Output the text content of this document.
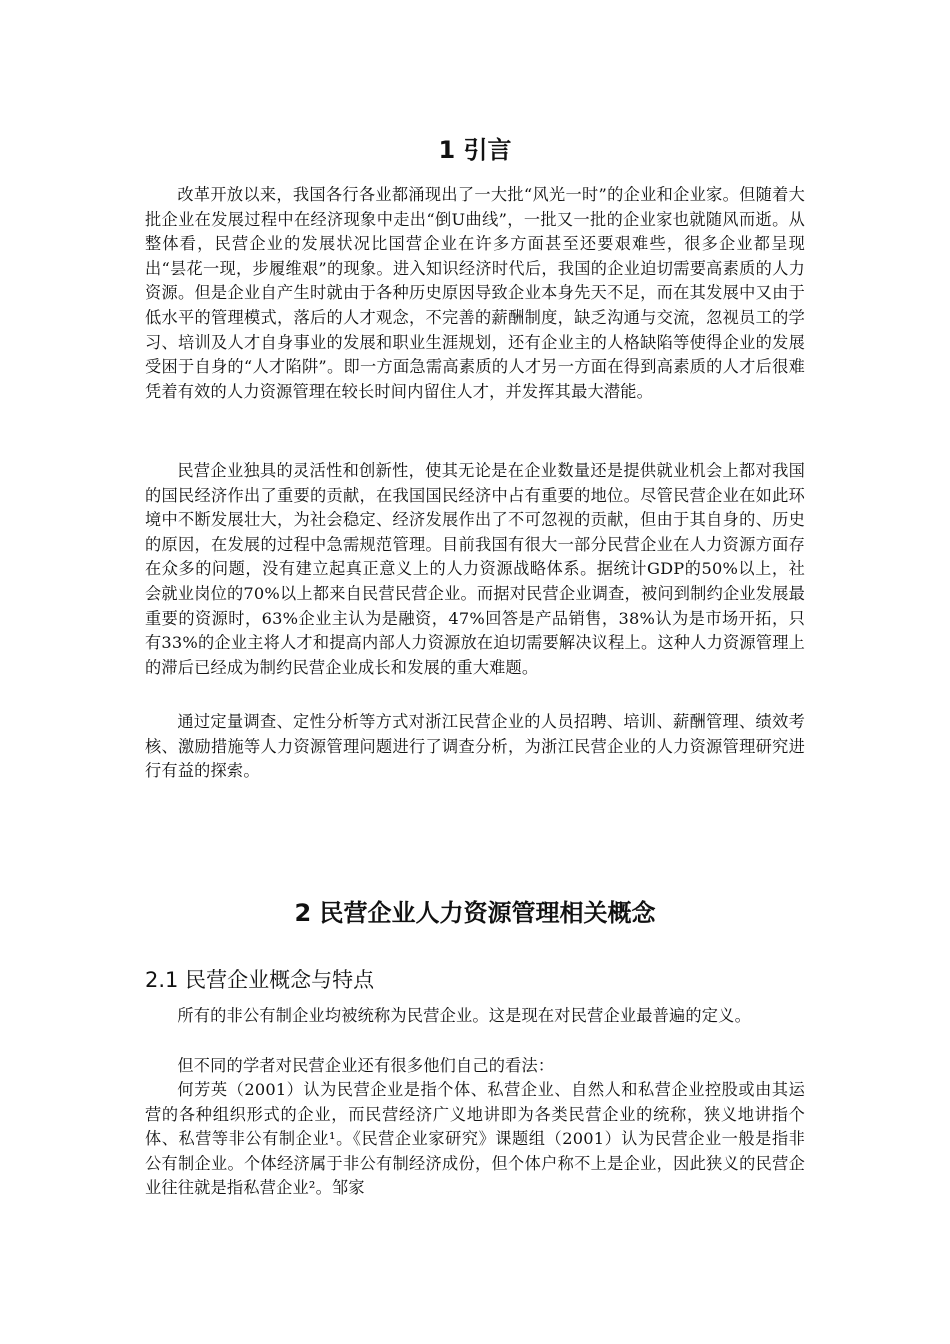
1 引言

改革开放以来，我国各行各业都涌现出了一大批“风光一时”的企业和企业家。但随着大批企业在发展过程中在经济现象中走出“倒U曲线”，一批又一批的企业家也就随风而逝。从整体看，民营企业的发展状况比国营企业在许多方面甚至还要艰难些，很多企业都呈现出“昙花一现，步履维艰”的现象。进入知识经济时代后，我国的企业迫切需要高素质的人力资源。但是企业自产生时就由于各种历史原因导致企业本身先天不足，而在其发展中又由于低水平的管理模式，落后的人才观念，不完善的薪酬制度，缺乏沟通与交流，忽视员工的学习、培训及人才自身事业的发展和职业生涯规划，还有企业主的人格缺陷等使得企业的发展受困于自身的“人才陷阱”。即一方面急需高素质的人才另一方面在得到高素质的人才后很难凭着有效的人力资源管理在较长时间内留住人才，并发挥其最大潜能。

民营企业独具的灵活性和创新性，使其无论是在企业数量还是提供就业机会上都对我国的国民经济作出了重要的贡献，在我国国民经济中占有重要的地位。尽管民营企业在如此环境中不断发展壮大，为社会稳定、经济发展作出了不可忽视的贡献，但由于其自身的、历史的原因，在发展的过程中急需规范管理。目前我国有很大一部分民营企业在人力资源方面存在众多的问题，没有建立起真正意义上的人力资源战略体系。据统计GDP的50%以上，社会就业岗位的70%以上都来自民营民营企业。而据对民营企业调查，被问到制约企业发展最重要的资源时，63%企业主认为是融资，47%回答是产品销售，38%认为是市场开拓，只有33%的企业主将人才和提高内部人力资源放在迫切需要解决议程上。这种人力资源管理上的滞后已经成为制约民营企业成长和发展的重大难题。

通过定量调查、定性分析等方式对浙江民营企业的人员招聘、培训、薪酬管理、绩效考核、激励措施等人力资源管理问题进行了调查分析，为浙江民营企业的人力资源管理研究进行有益的探索。

2 民营企业人力资源管理相关概念
2.1 民营企业概念与特点

所有的非公有制企业均被统称为民营企业。这是现在对民营企业最普遍的定义。

但不同的学者对民营企业还有很多他们自己的看法：

何芳英（2001）认为民营企业是指个体、私营企业、自然人和私营企业控股或由其运营的各种组织形式的企业，而民营经济广义地讲即为各类民营企业的统称，狭义地讲指个体、私营等非公有制企业¹。《民营企业家研究》课题组（2001）认为民营企业一般是指非公有制企业。个体经济属于非公有制经济成份，但个体户称不上是企业，因此狭义的民营企业往往就是指私营企业²。邹家
